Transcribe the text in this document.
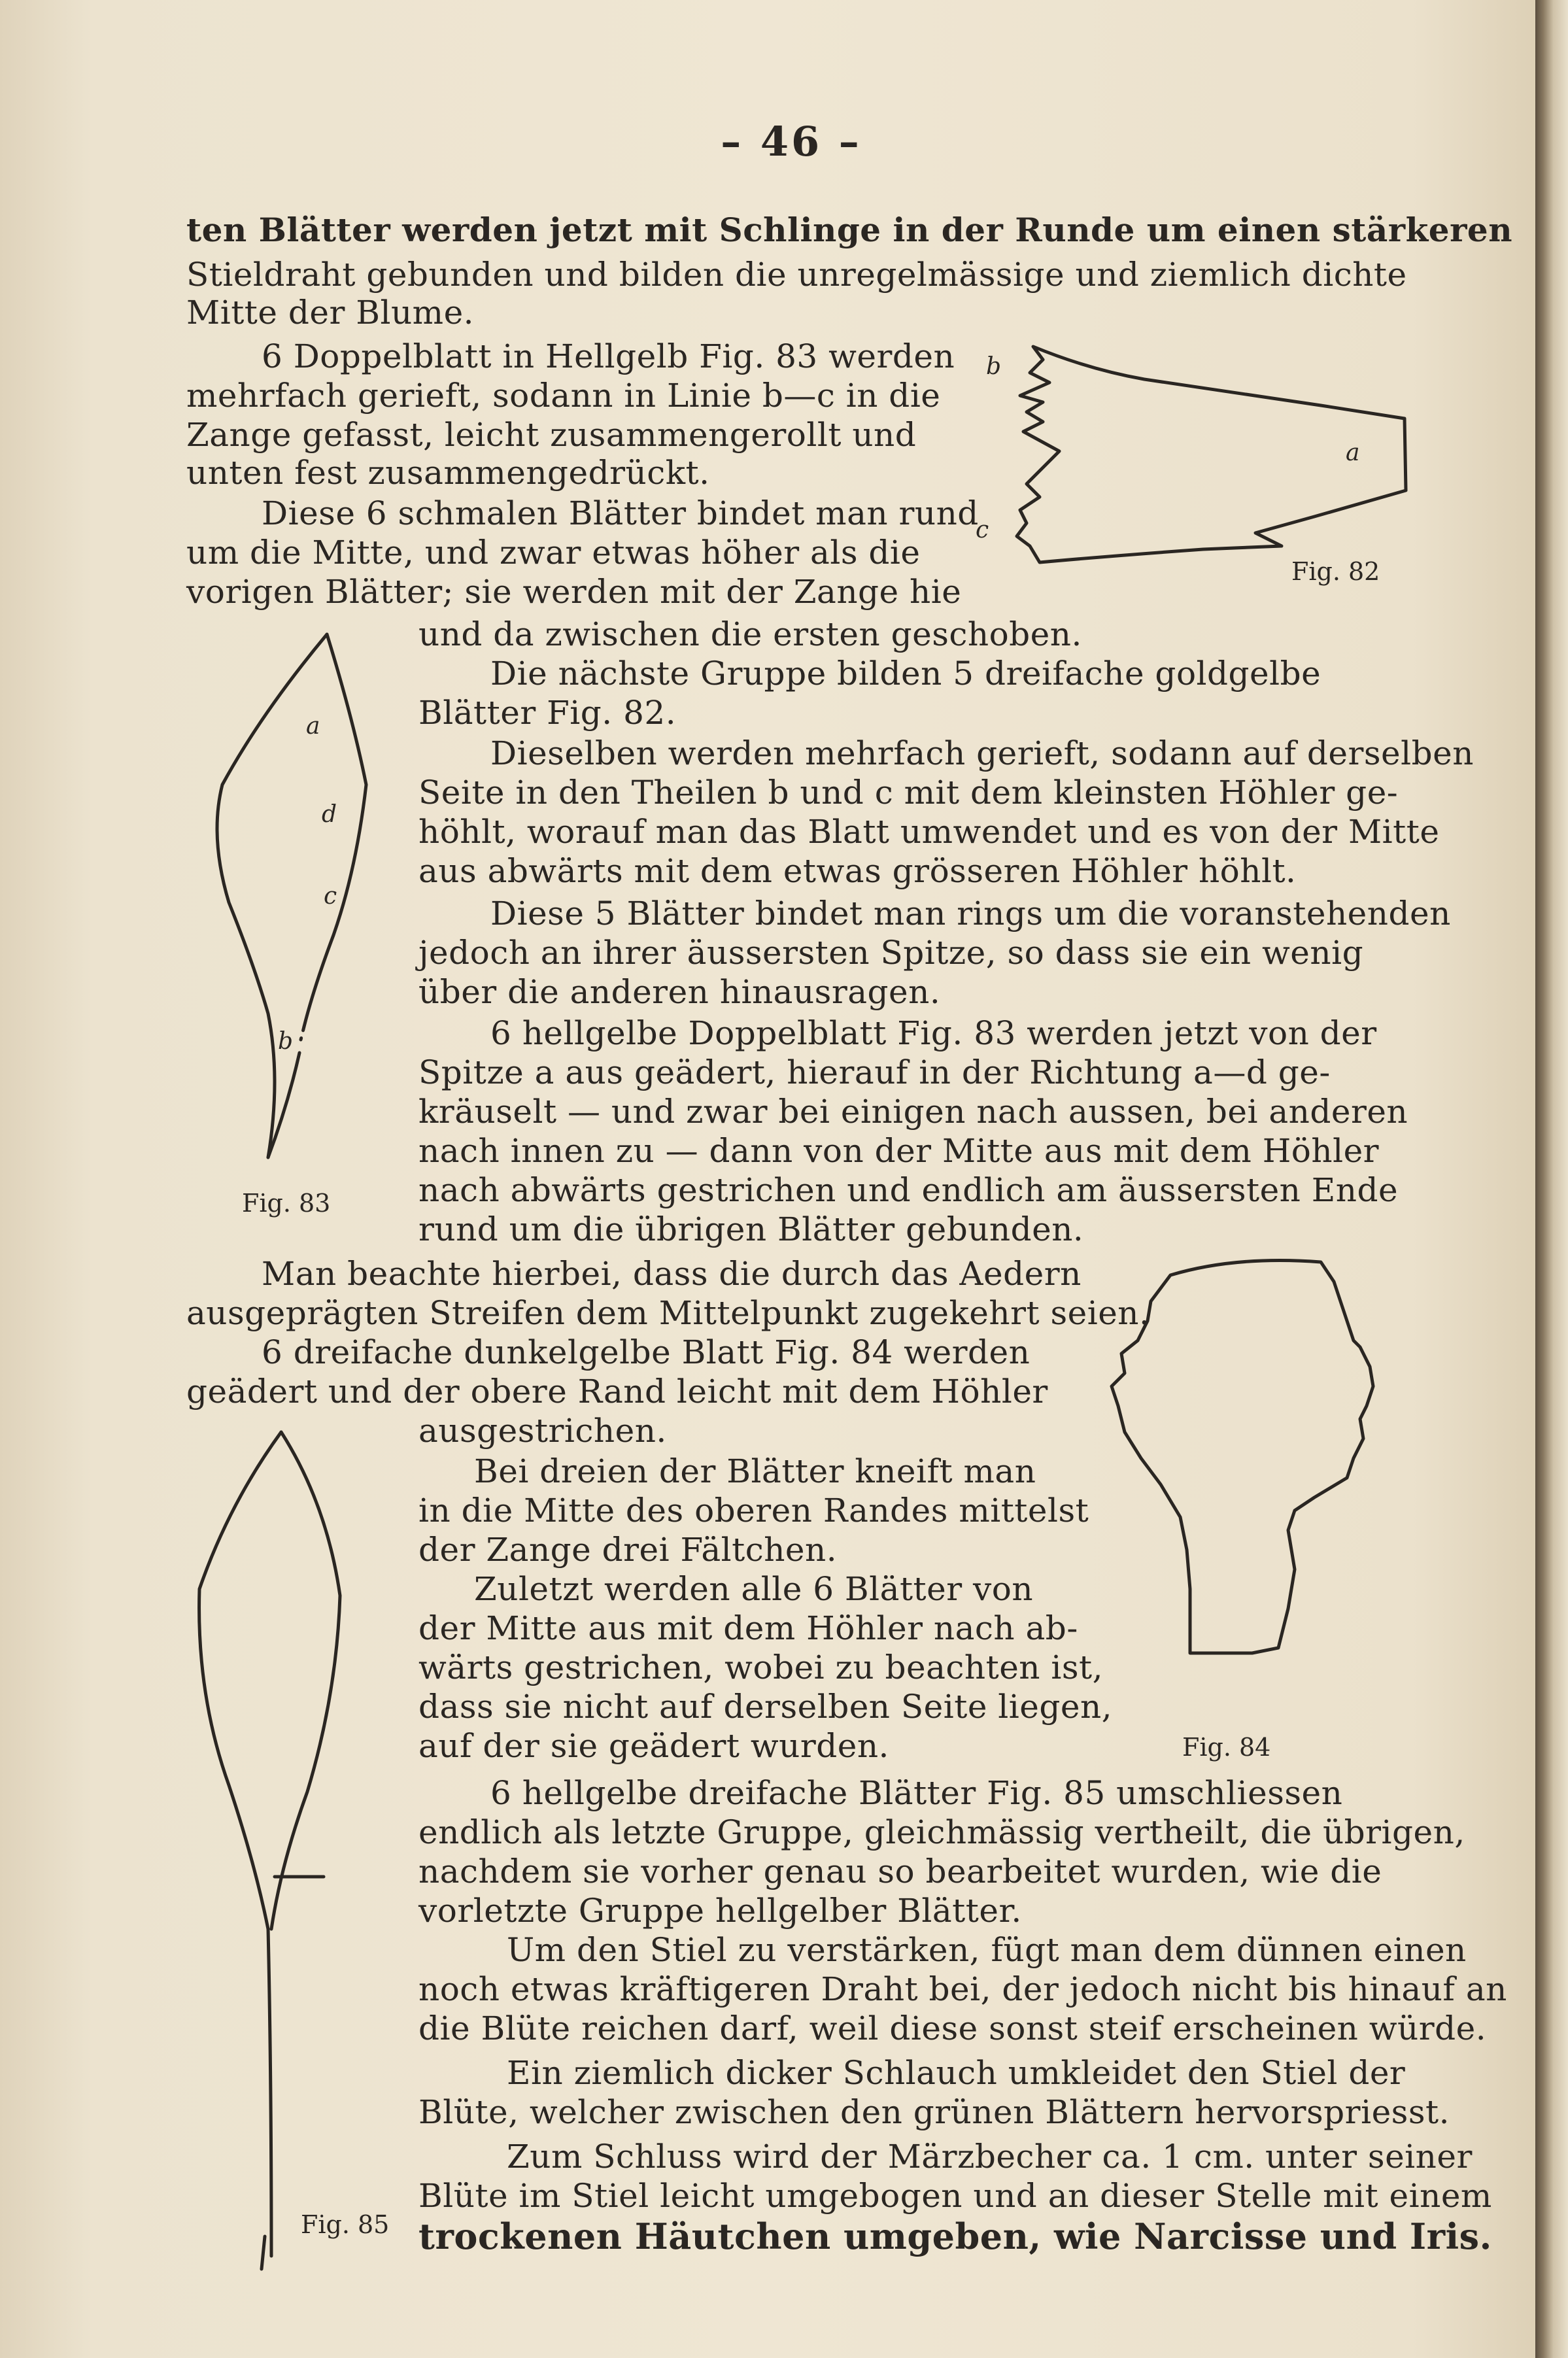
– 46 –
ten Blätter werden jetzt mit Schlinge in der Runde um einen stärkeren
Stieldraht gebunden und bilden die unregelmässige und ziemlich dichte
Mitte der Blume.
6 Doppelblatt in Hellgelb Fig. 83 werden
mehrfach gerieft, sodann in Linie b—c in die
Zange gefasst, leicht zusammengerollt und
unten fest zusammengedrückt.
Diese 6 schmalen Blätter bindet man rund
um die Mitte, und zwar etwas höher als die
vorigen Blätter; sie werden mit der Zange hie
und da zwischen die ersten geschoben.
Die nächste Gruppe bilden 5 dreifache goldgelbe
Blätter Fig. 82.
Dieselben werden mehrfach gerieft, sodann auf derselben
Seite in den Theilen b und c mit dem kleinsten Höhler ge-
höhlt, worauf man das Blatt umwendet und es von der Mitte
aus abwärts mit dem etwas grösseren Höhler höhlt.
Diese 5 Blätter bindet man rings um die voranstehenden
jedoch an ihrer äussersten Spitze, so dass sie ein wenig
über die anderen hinausragen.
6 hellgelbe Doppelblatt Fig. 83 werden jetzt von der
Spitze a aus geädert, hierauf in der Richtung a—d ge-
kräuselt — und zwar bei einigen nach aussen, bei anderen
nach innen zu — dann von der Mitte aus mit dem Höhler
nach abwärts gestrichen und endlich am äussersten Ende
rund um die übrigen Blätter gebunden.
Man beachte hierbei, dass die durch das Aedern
ausgeprägten Streifen dem Mittelpunkt zugekehrt seien.
6 dreifache dunkelgelbe Blatt Fig. 84 werden
geädert und der obere Rand leicht mit dem Höhler
ausgestrichen.
Bei dreien der Blätter kneift man
in die Mitte des oberen Randes mittelst
der Zange drei Fältchen.
Zuletzt werden alle 6 Blätter von
der Mitte aus mit dem Höhler nach ab-
wärts gestrichen, wobei zu beachten ist,
dass sie nicht auf derselben Seite liegen,
auf der sie geädert wurden.
6 hellgelbe dreifache Blätter Fig. 85 umschliessen
endlich als letzte Gruppe, gleichmässig vertheilt, die übrigen,
nachdem sie vorher genau so bearbeitet wurden, wie die
vorletzte Gruppe hellgelber Blätter.
Um den Stiel zu verstärken, fügt man dem dünnen einen
noch etwas kräftigeren Draht bei, der jedoch nicht bis hinauf an
die Blüte reichen darf, weil diese sonst steif erscheinen würde.
Ein ziemlich dicker Schlauch umkleidet den Stiel der
Blüte, welcher zwischen den grünen Blättern hervorspriesst.
Zum Schluss wird der Märzbecher ca. 1 cm. unter seiner
Blüte im Stiel leicht umgebogen und an dieser Stelle mit einem
trockenen Häutchen umgeben, wie Narcisse und Iris.
b
a
c
Fig. 82
a
d
c
b
Fig. 83
Fig. 84
Fig. 85
